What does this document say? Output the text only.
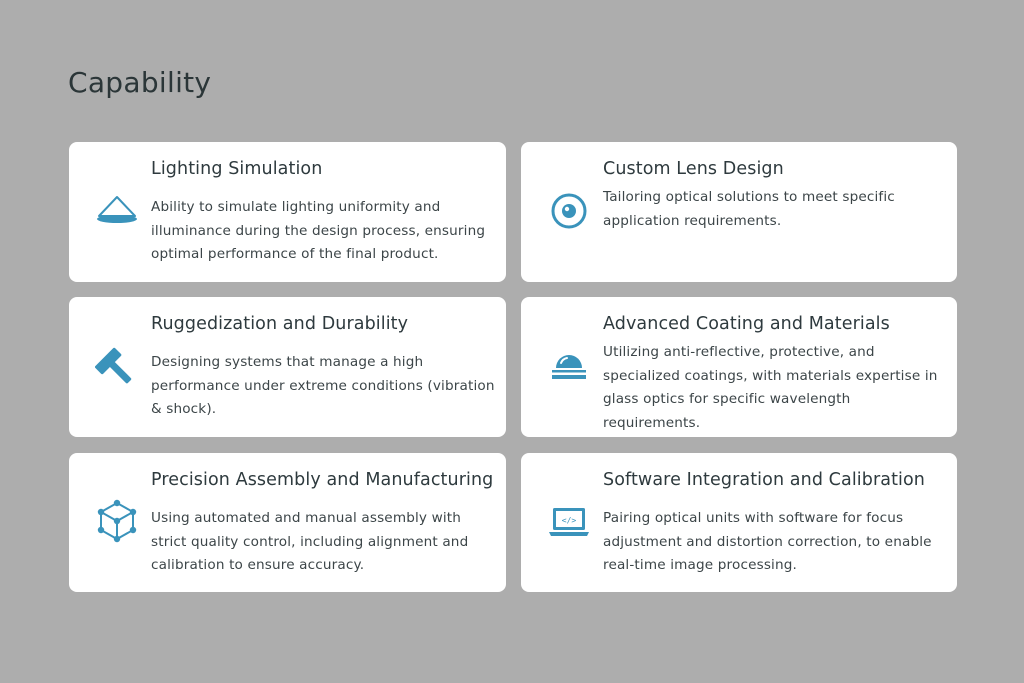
Capability
Lighting Simulation
Ability to simulate lighting uniformity and illuminance during the design process, ensuring optimal performance of the final product.
Custom Lens Design
Tailoring optical solutions to meet specific application requirements.
Ruggedization and Durability
Designing systems that manage a high performance under extreme conditions (vibration & shock).
Advanced Coating and Materials
Utilizing anti-reflective, protective, and specialized coatings, with materials expertise in glass optics for specific wavelength requirements.
Precision Assembly and Manufacturing
Using automated and manual assembly with strict quality control, including alignment and calibration to ensure accuracy.
</>
Software Integration and Calibration
Pairing optical units with software for focus adjustment and distortion correction, to enable real-time image processing.
